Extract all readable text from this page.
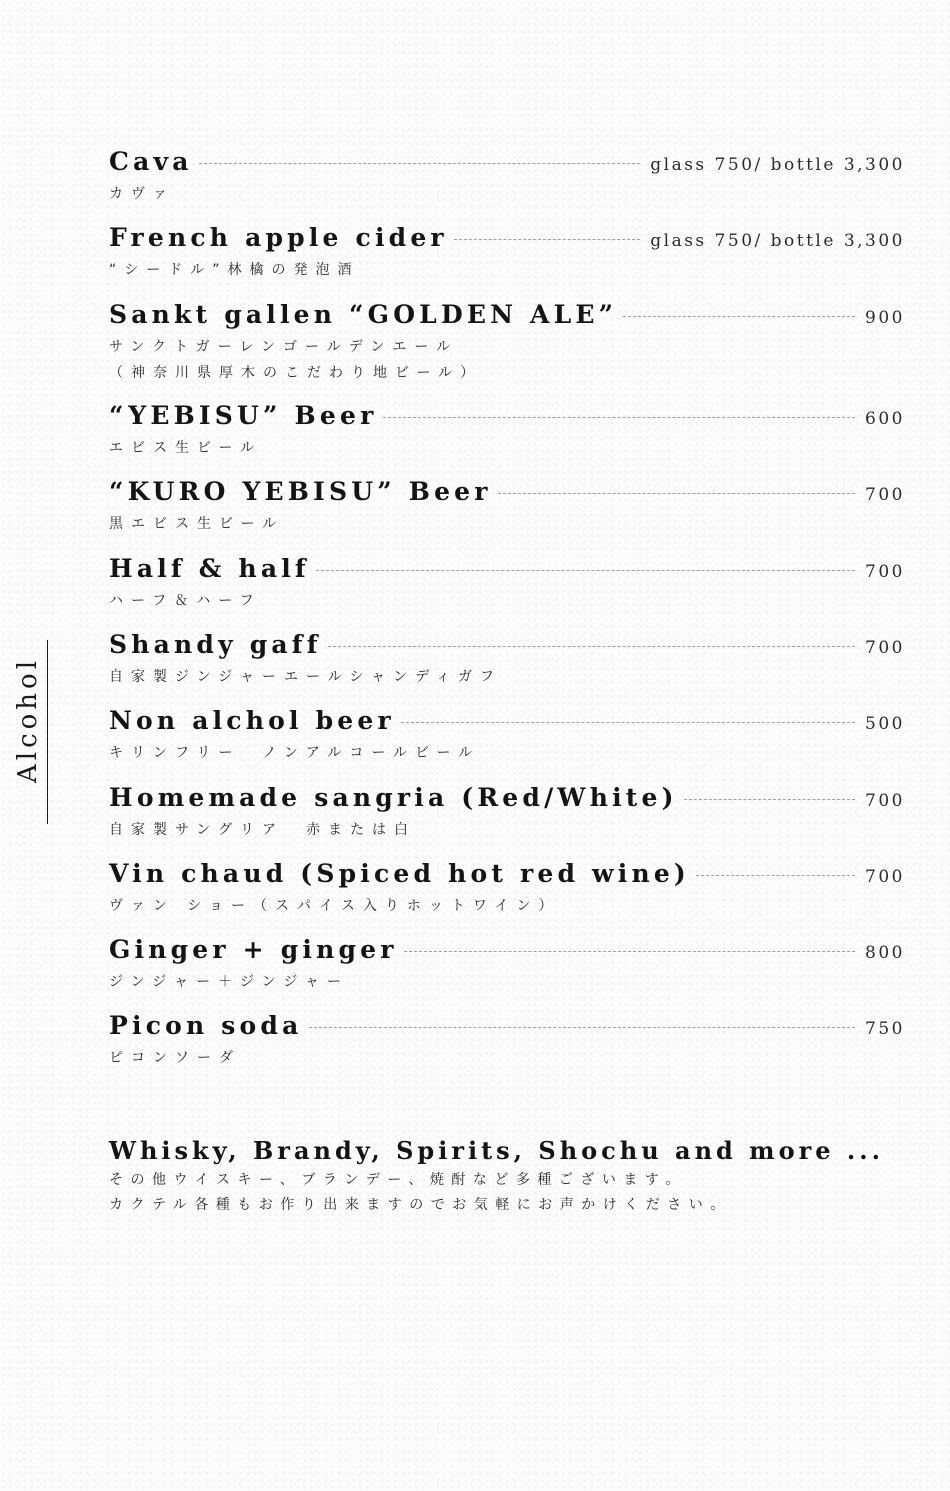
Alcohol
Cava	glass 750/ bottle 3,300
カヴァ
French apple cider	glass 750/ bottle 3,300
“シードル”林檎の発泡酒
Sankt gallen “GOLDEN ALE”	900
サンクトガーレンゴールデンエール
（神奈川県厚木のこだわり地ビール）
“YEBISU” Beer	600
エビス生ビール
“KURO YEBISU” Beer	700
黒エビス生ビール
Half & half	700
ハーフ＆ハーフ
Shandy gaff	700
自家製ジンジャーエールシャンディガフ
Non alchol beer	500
キリンフリー　ノンアルコールビール
Homemade sangria (Red/White)	700
自家製サングリア　赤または白
Vin chaud (Spiced hot red wine)	700
ヴァン ショー（スパイス入りホットワイン）
Ginger + ginger	800
ジンジャー＋ジンジャー
Picon soda	750
ピコンソーダ
Whisky, Brandy, Spirits, Shochu and more ...
その他ウイスキー、ブランデー、焼酎など多種ございます。
カクテル各種もお作り出来ますのでお気軽にお声かけください。
